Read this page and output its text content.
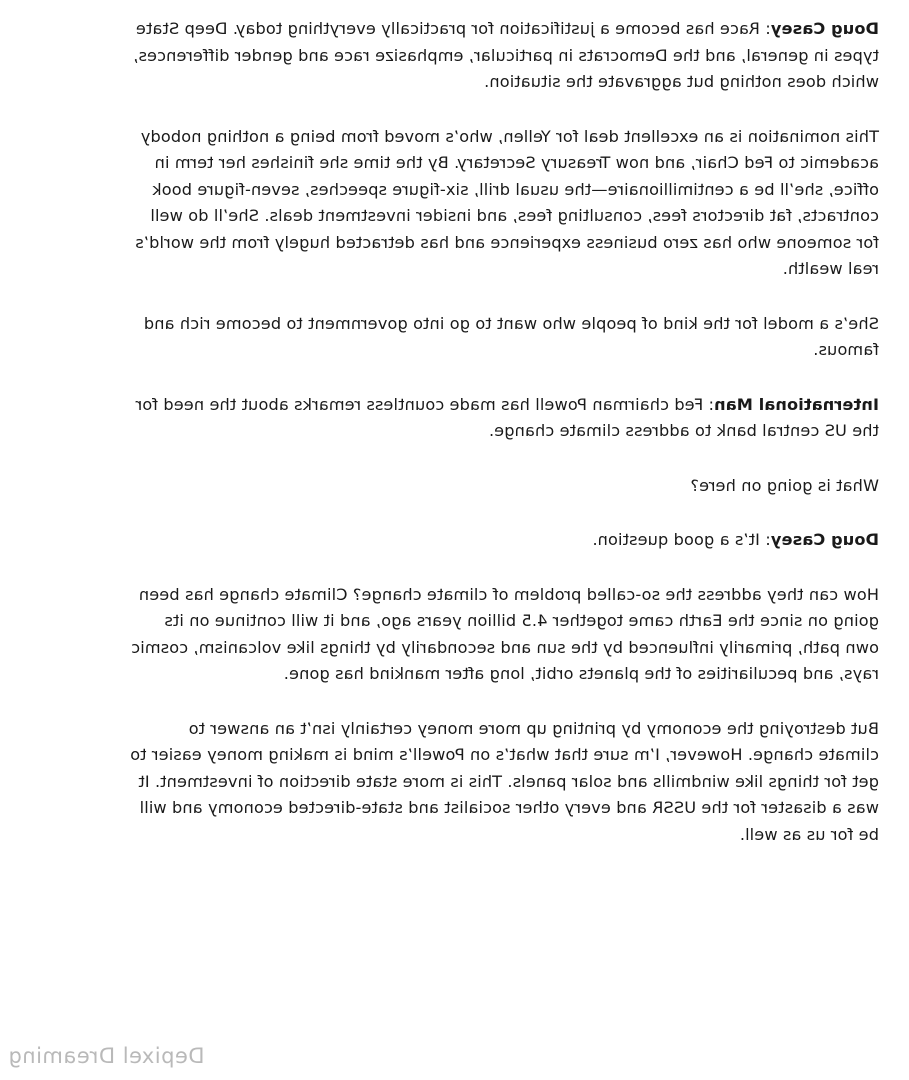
Doug Casey: Race has become a justification for practically everything today. Deep State types in general, and the Democrats in particular, emphasize race and gender differences, which does nothing but aggravate the situation.

This nomination is an excellent deal for Yellen, who’s moved from being a nothing nobody academic to Fed Chair, and now Treasury Secretary. By the time she finishes her term in office, she’ll be a centimillionaire—the usual drill, six-figure speeches, seven-figure book contracts, fat directors fees, consulting fees, and insider investment deals. She’ll do well for someone who has zero business experience and has detracted hugely from the world’s real wealth.

She’s a model for the kind of people who want to go into government to become rich and famous.

International Man: Fed chairman Powell has made countless remarks about the need for the US central bank to address climate change.

What is going on here?

Doug Casey: It’s a good question.

How can they address the so-called problem of climate change? Climate change has been going on since the Earth came together 4.5 billion years ago, and it will continue on its own path, primarily influenced by the sun and secondarily by things like volcanism, cosmic rays, and peculiarities of the planets orbit, long after mankind has gone.

But destroying the economy by printing up more money certainly isn’t an answer to climate change. However, I’m sure that what’s on Powell’s mind is making money easier to get for things like windmills and solar panels. This is more state direction of investment. It was a disaster for the USSR and every other socialist and state-directed economy and will be for us as well.

Depixel Dreaming
